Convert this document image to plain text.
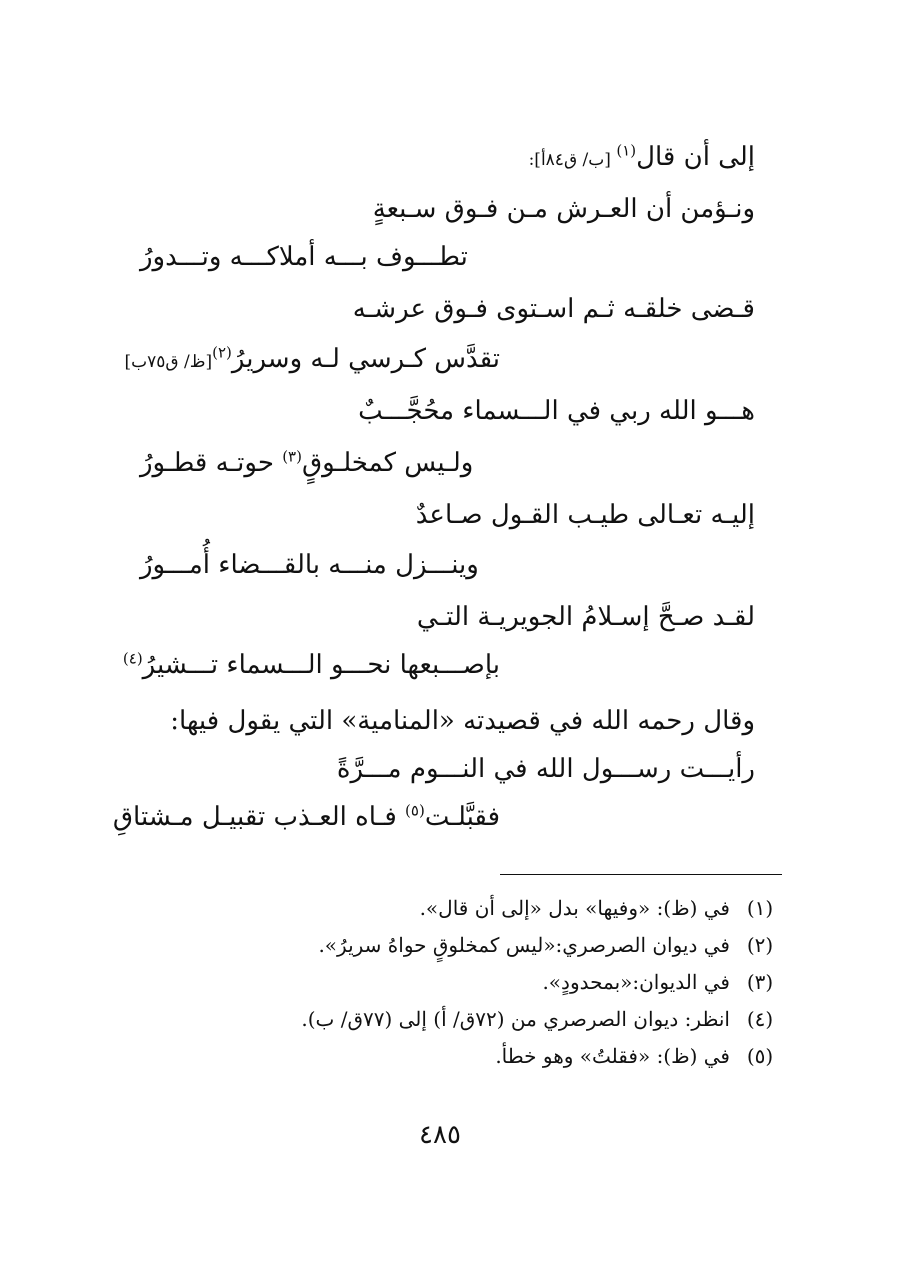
إلى أن قال$^{(١)}$ [ب/ ق٨٤أ]:
ونـؤمن أن العـرش مـن فـوق سـبعةٍ
تطـــوف بـــه أملاكـــه وتـــدورُ
قـضى خلقـه ثـم اسـتوى فـوق عرشـه
تقدَّس كـرسي لـه وسريرُ$^{(٢)}$[ظ/ ق٧٥ب]
هـــو الله ربي في الـــسماء محُجَّـــبٌ
ولـيس كمخلـوقٍ$^{(٣)}$ حوتـه قطـورُ
إليـه تعـالى طيـب القـول صـاعدٌ
وينـــزل منـــه بالقـــضاء أُمـــورُ
لقـد صـحَّ إسـلامُ الجويريـة التـي
بإصـــبعها نحـــو الـــسماء تـــشيرُ$^{(٤)}$
وقال رحمه الله في قصيدته «المنامية» التي يقول فيها:
رأيـــت رســـول الله في النـــوم مـــرَّةً
فقبَّلـت$^{(٥)}$ فـاه العـذب تقبيـل مـشتاقِ
(١)في (ظ): «وفيها» بدل «إلى أن قال».
(٢)في ديوان الصرصري:«ليس كمخلوقٍ حواهُ سريرُ».
(٣)في الديوان:«بمحدودٍ».
(٤)انظر: ديوان الصرصري من (٧٢ق/ أ) إلى (٧٧ق/ ب).
(٥)في (ظ): «فقلتُ» وهو خطأ.
٤٨٥
